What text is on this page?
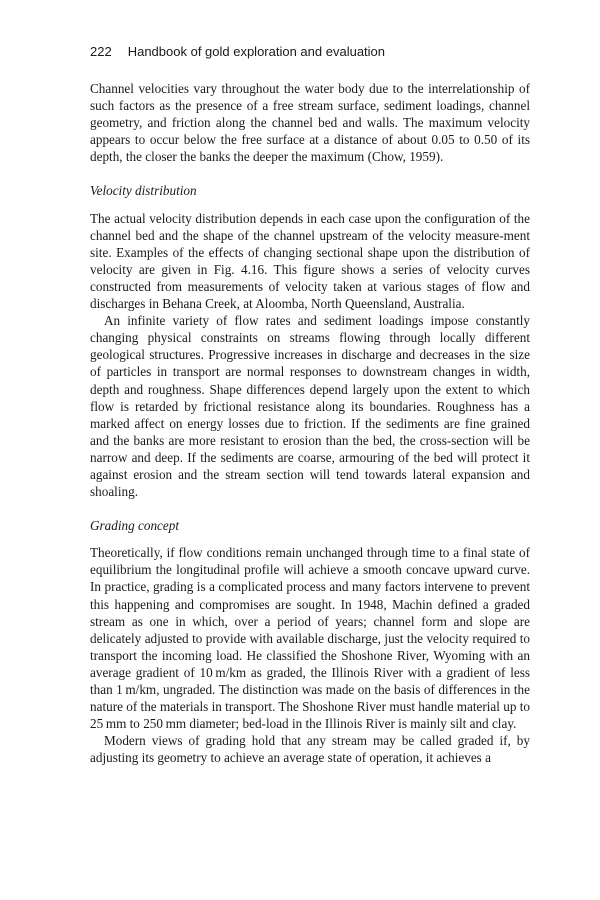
222 Handbook of gold exploration and evaluation

Channel velocities vary throughout the water body due to the interrelationship of such factors as the presence of a free stream surface, sediment loadings, channel geometry, and friction along the channel bed and walls. The maximum velocity appears to occur below the free surface at a distance of about 0.05 to 0.50 of its depth, the closer the banks the deeper the maximum (Chow, 1959).

Velocity distribution

The actual velocity distribution depends in each case upon the configuration of the channel bed and the shape of the channel upstream of the velocity measure-ment site. Examples of the effects of changing sectional shape upon the distribution of velocity are given in Fig. 4.16. This figure shows a series of velocity curves constructed from measurements of velocity taken at various stages of flow and discharges in Behana Creek, at Aloomba, North Queensland, Australia.

An infinite variety of flow rates and sediment loadings impose constantly changing physical constraints on streams flowing through locally different geological structures. Progressive increases in discharge and decreases in the size of particles in transport are normal responses to downstream changes in width, depth and roughness. Shape differences depend largely upon the extent to which flow is retarded by frictional resistance along its boundaries. Roughness has a marked affect on energy losses due to friction. If the sediments are fine grained and the banks are more resistant to erosion than the bed, the cross-section will be narrow and deep. If the sediments are coarse, armouring of the bed will protect it against erosion and the stream section will tend towards lateral expansion and shoaling.

Grading concept

Theoretically, if flow conditions remain unchanged through time to a final state of equilibrium the longitudinal profile will achieve a smooth concave upward curve. In practice, grading is a complicated process and many factors intervene to prevent this happening and compromises are sought. In 1948, Machin defined a graded stream as one in which, over a period of years; channel form and slope are delicately adjusted to provide with available discharge, just the velocity required to transport the incoming load. He classified the Shoshone River, Wyoming with an average gradient of 10 m/km as graded, the Illinois River with a gradient of less than 1 m/km, ungraded. The distinction was made on the basis of differences in the nature of the materials in transport. The Shoshone River must handle material up to 25 mm to 250 mm diameter; bed-load in the Illinois River is mainly silt and clay.

Modern views of grading hold that any stream may be called graded if, by adjusting its geometry to achieve an average state of operation, it achieves a
